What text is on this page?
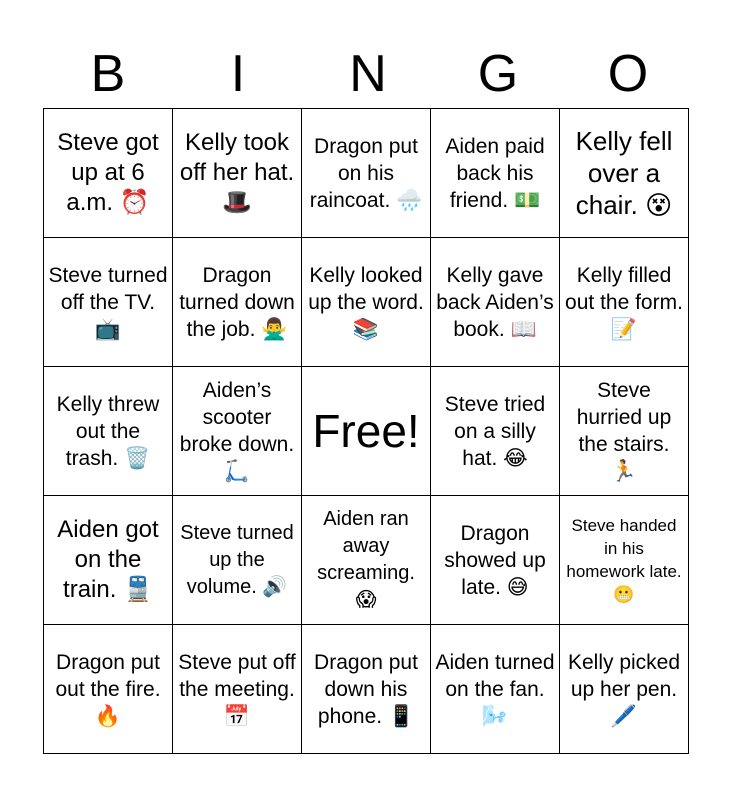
B	I	N	G	O
Steve got up at 6 a.m. ⏰	Kelly took off her hat. 🎩	Dragon put on his raincoat. 🌧️	Aiden paid back his friend. 💵	Kelly fell over a chair. 😵

Steve turned off the TV. 📺	Dragon turned down the job. 🙅‍♂️	Kelly looked up the word. 📚	Kelly gave back Aiden’s book. 📖	Kelly filled out the form. 📝

Kelly threw out the trash. 🗑️	Aiden’s scooter broke down. 🛴	Free!	Steve tried on a silly hat. 😂	Steve hurried up the stairs. 🏃

Aiden got on the train. 🚆	Steve turned up the volume. 🔊	Aiden ran away screaming. 😱	Dragon showed up late. 😅	Steve handed in his homework late. 😬

Dragon put out the fire. 🔥	Steve put off the meeting. 📅	Dragon put down his phone. 📱	Aiden turned on the fan. 🌬️	Kelly picked up her pen. 🖊️
